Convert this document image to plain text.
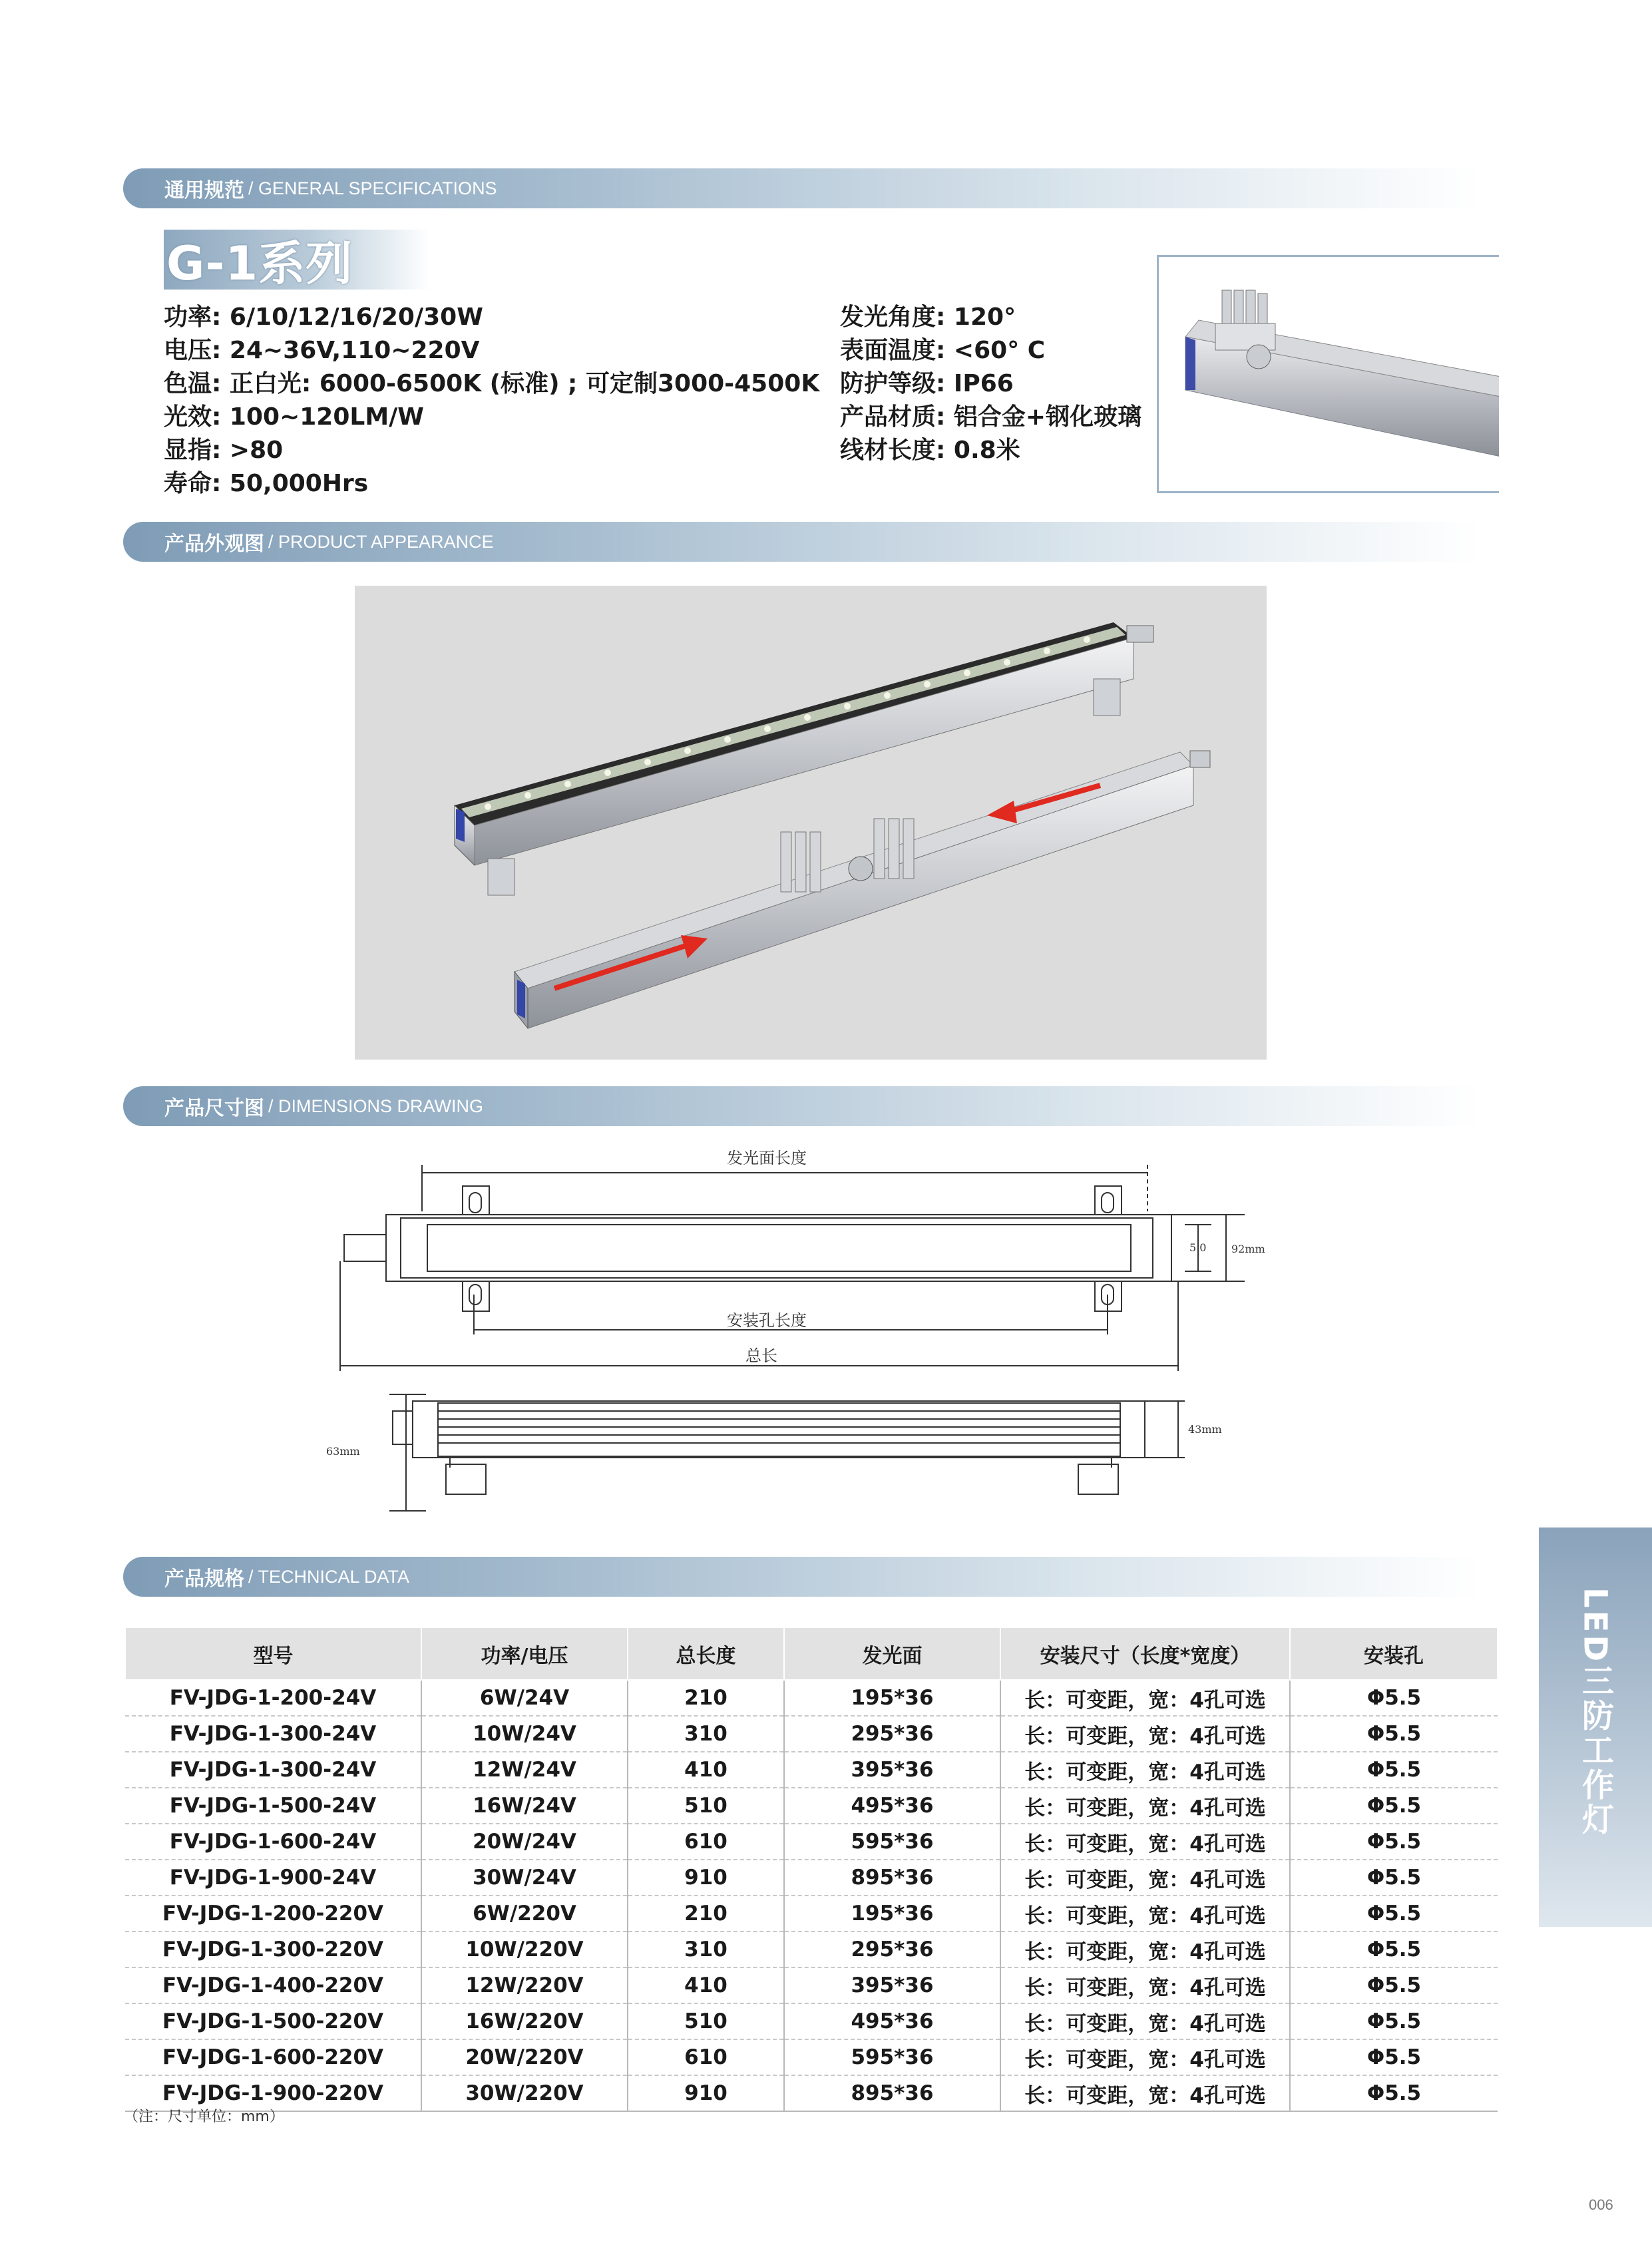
通用规范 / GENERAL SPECIFICATIONS
G-1系列
功率: 6/10/12/16/20/30W
电压: 24~36V,110~220V
色温: 正白光: 6000-6500K (标准) ; 可定制3000-4500K
光效: 100~120LM/W
显指: >80
寿命: 50,000Hrs
发光角度: 120°
表面温度: <60° C
防护等级: IP66
产品材质: 铝合金+钢化玻璃
线材长度: 0.8米
产品外观图 / PRODUCT APPEARANCE
产品尺寸图 / DIMENSIONS DRAWING
发光面长度
安装孔长度
总长
5 0 92mm
63mm
43mm
产品规格 / TECHNICAL DATA
型号	功率/电压	总长度	发光面	安装尺寸（长度*宽度）	安装孔
FV-JDG-1-200-24V	6W/24V	210	195*36	长：可变距，宽：4孔可选	Φ5.5
FV-JDG-1-300-24V	10W/24V	310	295*36	长：可变距，宽：4孔可选	Φ5.5
FV-JDG-1-300-24V	12W/24V	410	395*36	长：可变距，宽：4孔可选	Φ5.5
FV-JDG-1-500-24V	16W/24V	510	495*36	长：可变距，宽：4孔可选	Φ5.5
FV-JDG-1-600-24V	20W/24V	610	595*36	长：可变距，宽：4孔可选	Φ5.5
FV-JDG-1-900-24V	30W/24V	910	895*36	长：可变距，宽：4孔可选	Φ5.5
FV-JDG-1-200-220V	6W/220V	210	195*36	长：可变距，宽：4孔可选	Φ5.5
FV-JDG-1-300-220V	10W/220V	310	295*36	长：可变距，宽：4孔可选	Φ5.5
FV-JDG-1-400-220V	12W/220V	410	395*36	长：可变距，宽：4孔可选	Φ5.5
FV-JDG-1-500-220V	16W/220V	510	495*36	长：可变距，宽：4孔可选	Φ5.5
FV-JDG-1-600-220V	20W/220V	610	595*36	长：可变距，宽：4孔可选	Φ5.5
FV-JDG-1-900-220V	30W/220V	910	895*36	长：可变距，宽：4孔可选	Φ5.5
（注：尺寸单位：mm）
LED三防工作灯
006
